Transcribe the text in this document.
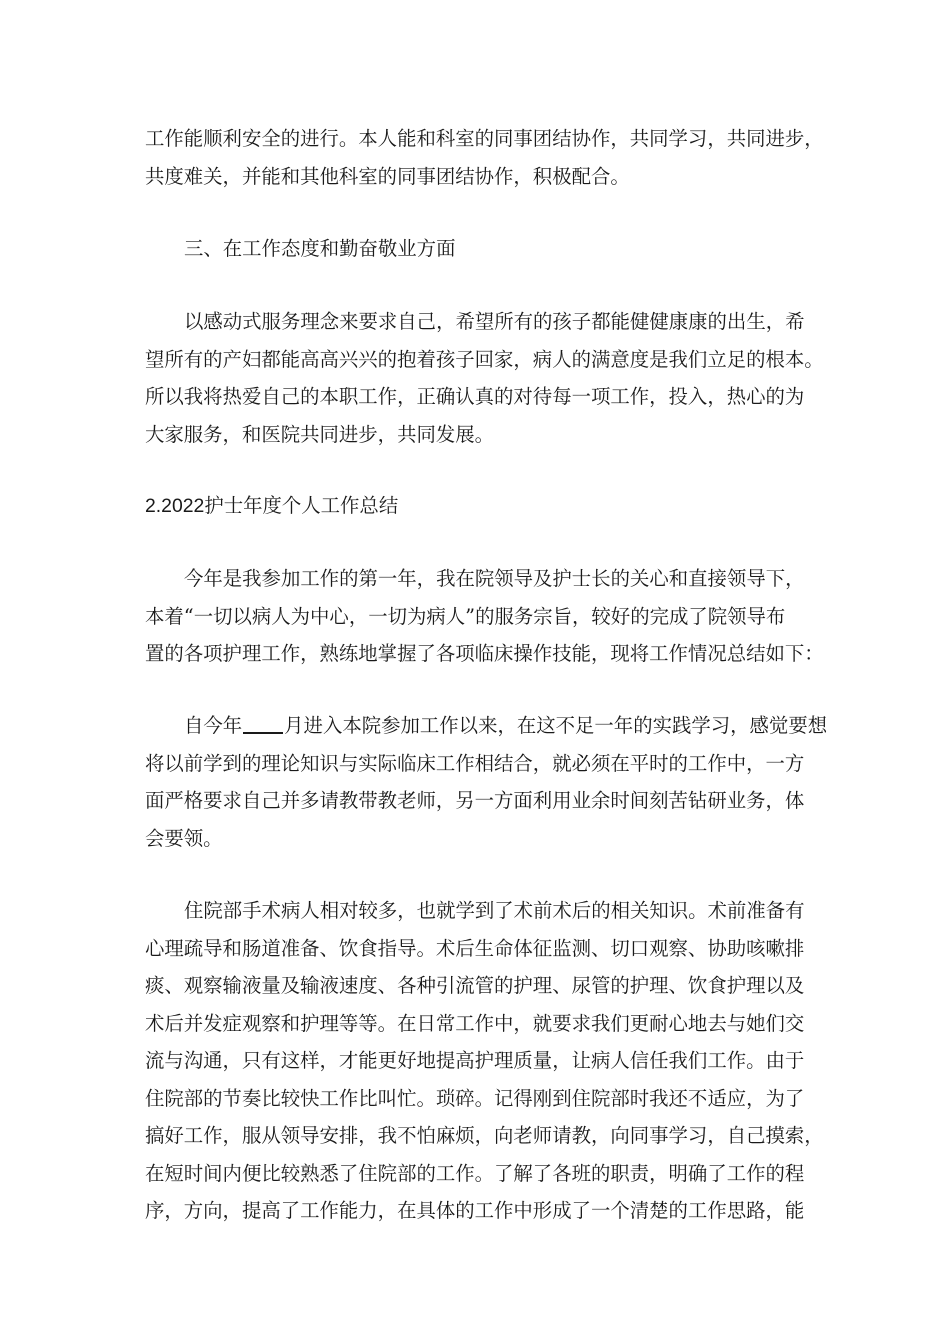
工作能顺利安全的进行。本人能和科室的同事团结协作，共同学习，共同进步，
共度难关，并能和其他科室的同事团结协作，积极配合。
三、在工作态度和勤奋敬业方面
以感动式服务理念来要求自己，希望所有的孩子都能健健康康的出生，希
望所有的产妇都能高高兴兴的抱着孩子回家，病人的满意度是我们立足的根本。
所以我将热爱自己的本职工作，正确认真的对待每一项工作，投入，热心的为
大家服务，和医院共同进步，共同发展。
2.2022护士年度个人工作总结
今年是我参加工作的第一年，我在院领导及护士长的关心和直接领导下，
本着“一切以病人为中心，一切为病人”的服务宗旨，较好的完成了院领导布
置的各项护理工作，熟练地掌握了各项临床操作技能，现将工作情况总结如下：
自今年 月进入本院参加工作以来，在这不足一年的实践学习，感觉要想
将以前学到的理论知识与实际临床工作相结合，就必须在平时的工作中，一方
面严格要求自己并多请教带教老师，另一方面利用业余时间刻苦钻研业务，体
会要领。
住院部手术病人相对较多，也就学到了术前术后的相关知识。术前准备有
心理疏导和肠道准备、饮食指导。术后生命体征监测、切口观察、协助咳嗽排
痰、观察输液量及输液速度、各种引流管的护理、尿管的护理、饮食护理以及
术后并发症观察和护理等等。在日常工作中，就要求我们更耐心地去与她们交
流与沟通，只有这样，才能更好地提高护理质量，让病人信任我们工作。由于
住院部的节奏比较快工作比叫忙。琐碎。记得刚到住院部时我还不适应，为了
搞好工作，服从领导安排，我不怕麻烦，向老师请教，向同事学习，自己摸索，
在短时间内便比较熟悉了住院部的工作。了解了各班的职责，明确了工作的程
序，方向，提高了工作能力，在具体的工作中形成了一个清楚的工作思路，能
